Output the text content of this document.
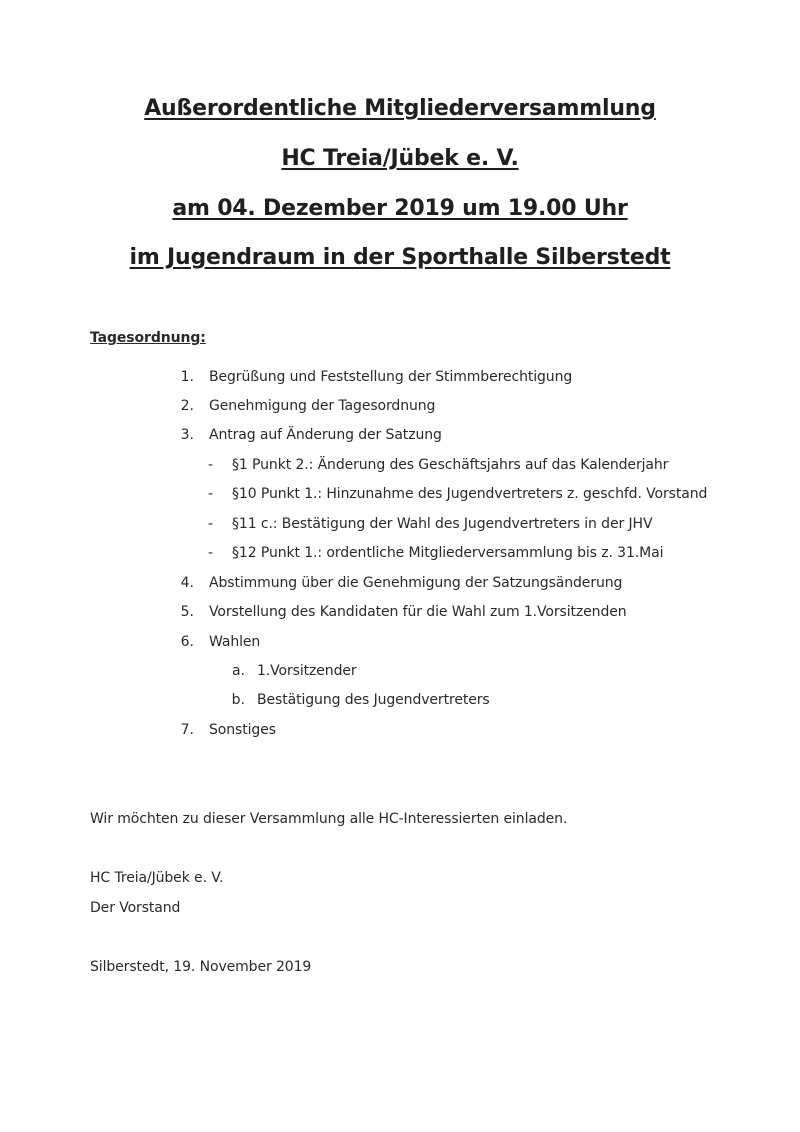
Außerordentliche Mitgliederversammlung
HC Treia/Jübek e. V.
am 04. Dezember 2019 um 19.00 Uhr
im Jugendraum in der Sporthalle Silberstedt
Tagesordnung:
1. Begrüßung und Feststellung der Stimmberechtigung
2. Genehmigung der Tagesordnung
3. Antrag auf Änderung der Satzung
- §1 Punkt 2.: Änderung des Geschäftsjahrs auf das Kalenderjahr
- §10 Punkt 1.: Hinzunahme des Jugendvertreters z. geschfd. Vorstand
- §11 c.: Bestätigung der Wahl des Jugendvertreters in der JHV
- §12 Punkt 1.: ordentliche Mitgliederversammlung bis z. 31.Mai
4. Abstimmung über die Genehmigung der Satzungsänderung
5. Vorstellung des Kandidaten für die Wahl zum 1.Vorsitzenden
6. Wahlen
a. 1.Vorsitzender
b. Bestätigung des Jugendvertreters
7. Sonstiges
Wir möchten zu dieser Versammlung alle HC-Interessierten einladen.
HC Treia/Jübek e. V.
Der Vorstand
Silberstedt, 19. November 2019
